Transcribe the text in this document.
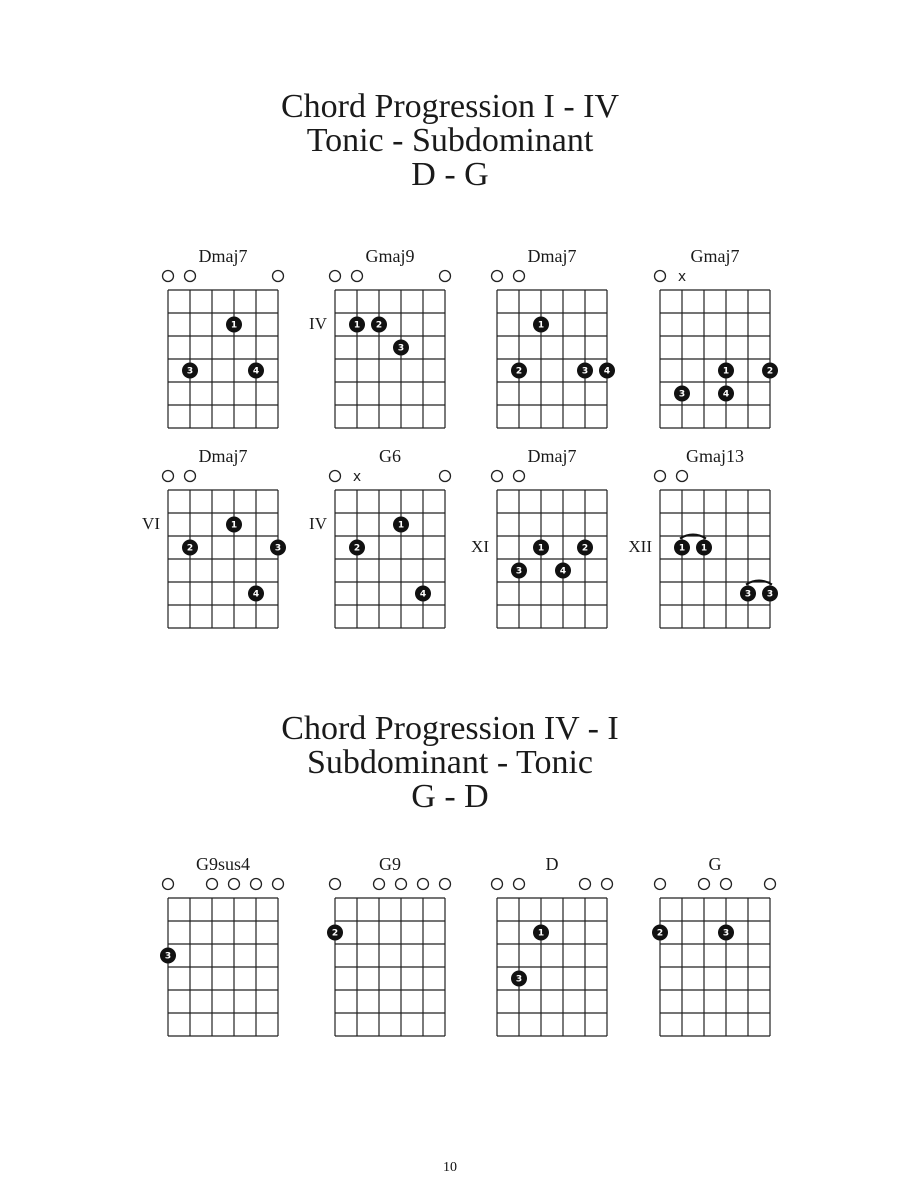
Chord Progression I - IV
Tonic - Subdominant
D - G
Chord Progression IV - I
Subdominant - Tonic
G - D
Dmaj7
1
3	4
Gmaj9
IV	1 2
3
Dmaj7
1
2	3 4
Gmaj7
x
1	2
3	4
Dmaj7
VI	1
2	3
4
G6
IV
x
1
2
4
Dmaj7
XI	1	2
3	4
Gmaj13
XII	1 1
3 3
G9sus4
3
G9
2
D
1
3
G
2	3
10
